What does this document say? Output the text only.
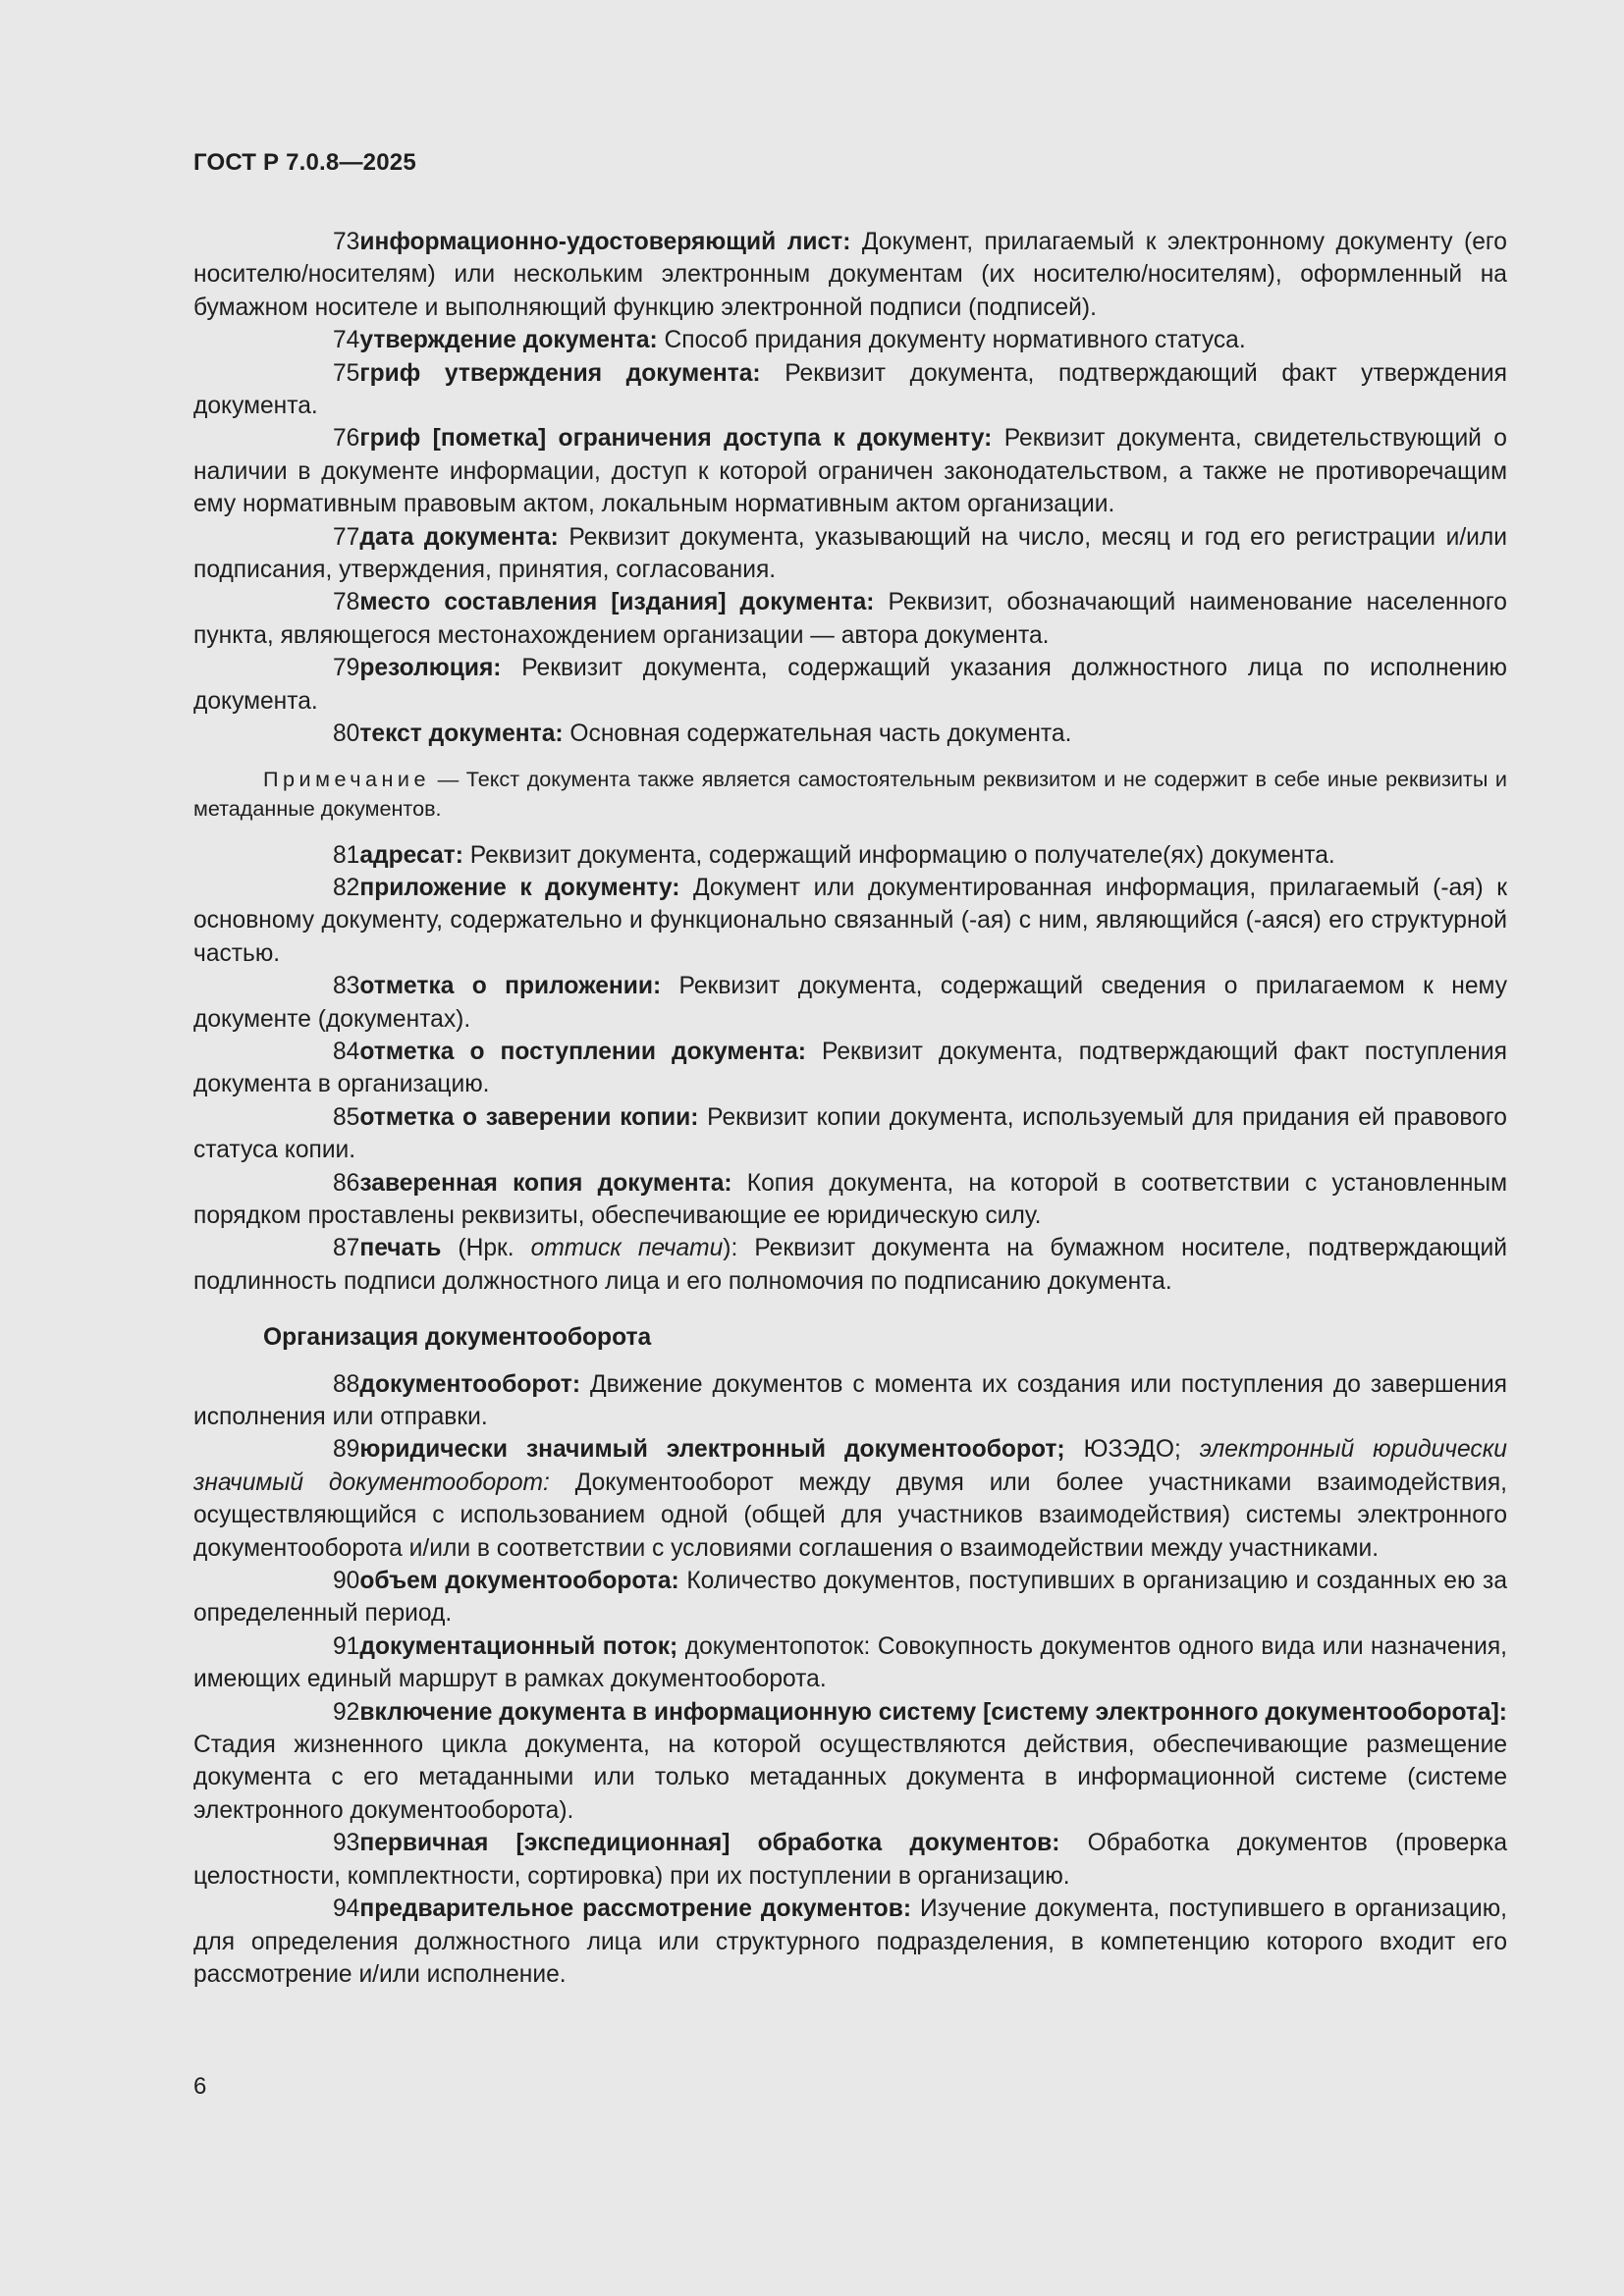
ГОСТ Р 7.0.8—2025

73информационно-удостоверяющий лист: Документ, прилагаемый к электронному документу (его носителю/носителям) или нескольким электронным документам (их носителю/носителям), оформленный на бумажном носителе и выполняющий функцию электронной подписи (подписей).

74утверждение документа: Способ придания документу нормативного статуса.

75гриф утверждения документа: Реквизит документа, подтверждающий факт утверждения документа.

76гриф [пометка] ограничения доступа к документу: Реквизит документа, свидетельствующий о наличии в документе информации, доступ к которой ограничен законодательством, а также не противоречащим ему нормативным правовым актом, локальным нормативным актом организации.

77дата документа: Реквизит документа, указывающий на число, месяц и год его регистрации и/или подписания, утверждения, принятия, согласования.

78место составления [издания] документа: Реквизит, обозначающий наименование населенного пункта, являющегося местонахождением организации — автора документа.

79резолюция: Реквизит документа, содержащий указания должностного лица по исполнению документа.

80текст документа: Основная содержательная часть документа.

Примечание — Текст документа также является самостоятельным реквизитом и не содержит в себе иные реквизиты и метаданные документов.

81адресат: Реквизит документа, содержащий информацию о получателе(ях) документа.

82приложение к документу: Документ или документированная информация, прилагаемый (-ая) к основному документу, содержательно и функционально связанный (-ая) с ним, являющийся (-аяся) его структурной частью.

83отметка о приложении: Реквизит документа, содержащий сведения о прилагаемом к нему документе (документах).

84отметка о поступлении документа: Реквизит документа, подтверждающий факт поступления документа в организацию.

85отметка о заверении копии: Реквизит копии документа, используемый для придания ей правового статуса копии.

86заверенная копия документа: Копия документа, на которой в соответствии с установленным порядком проставлены реквизиты, обеспечивающие ее юридическую силу.

87печать (Нрк. оттиск печати): Реквизит документа на бумажном носителе, подтверждающий подлинность подписи должностного лица и его полномочия по подписанию документа.

Организация документооборота

88документооборот: Движение документов с момента их создания или поступления до завершения исполнения или отправки.

89юридически значимый электронный документооборот; ЮЗЭДО; электронный юридически значимый документооборот: Документооборот между двумя или более участниками взаимодействия, осуществляющийся с использованием одной (общей для участников взаимодействия) системы электронного документооборота и/или в соответствии с условиями соглашения о взаимодействии между участниками.

90объем документооборота: Количество документов, поступивших в организацию и созданных ею за определенный период.

91документационный поток; документопоток: Совокупность документов одного вида или назначения, имеющих единый маршрут в рамках документооборота.

92включение документа в информационную систему [систему электронного документооборота]: Стадия жизненного цикла документа, на которой осуществляются действия, обеспечивающие размещение документа с его метаданными или только метаданных документа в информационной системе (системе электронного документооборота).

93первичная [экспедиционная] обработка документов: Обработка документов (проверка целостности, комплектности, сортировка) при их поступлении в организацию.

94предварительное рассмотрение документов: Изучение документа, поступившего в организацию, для определения должностного лица или структурного подразделения, в компетенцию которого входит его рассмотрение и/или исполнение.

6
